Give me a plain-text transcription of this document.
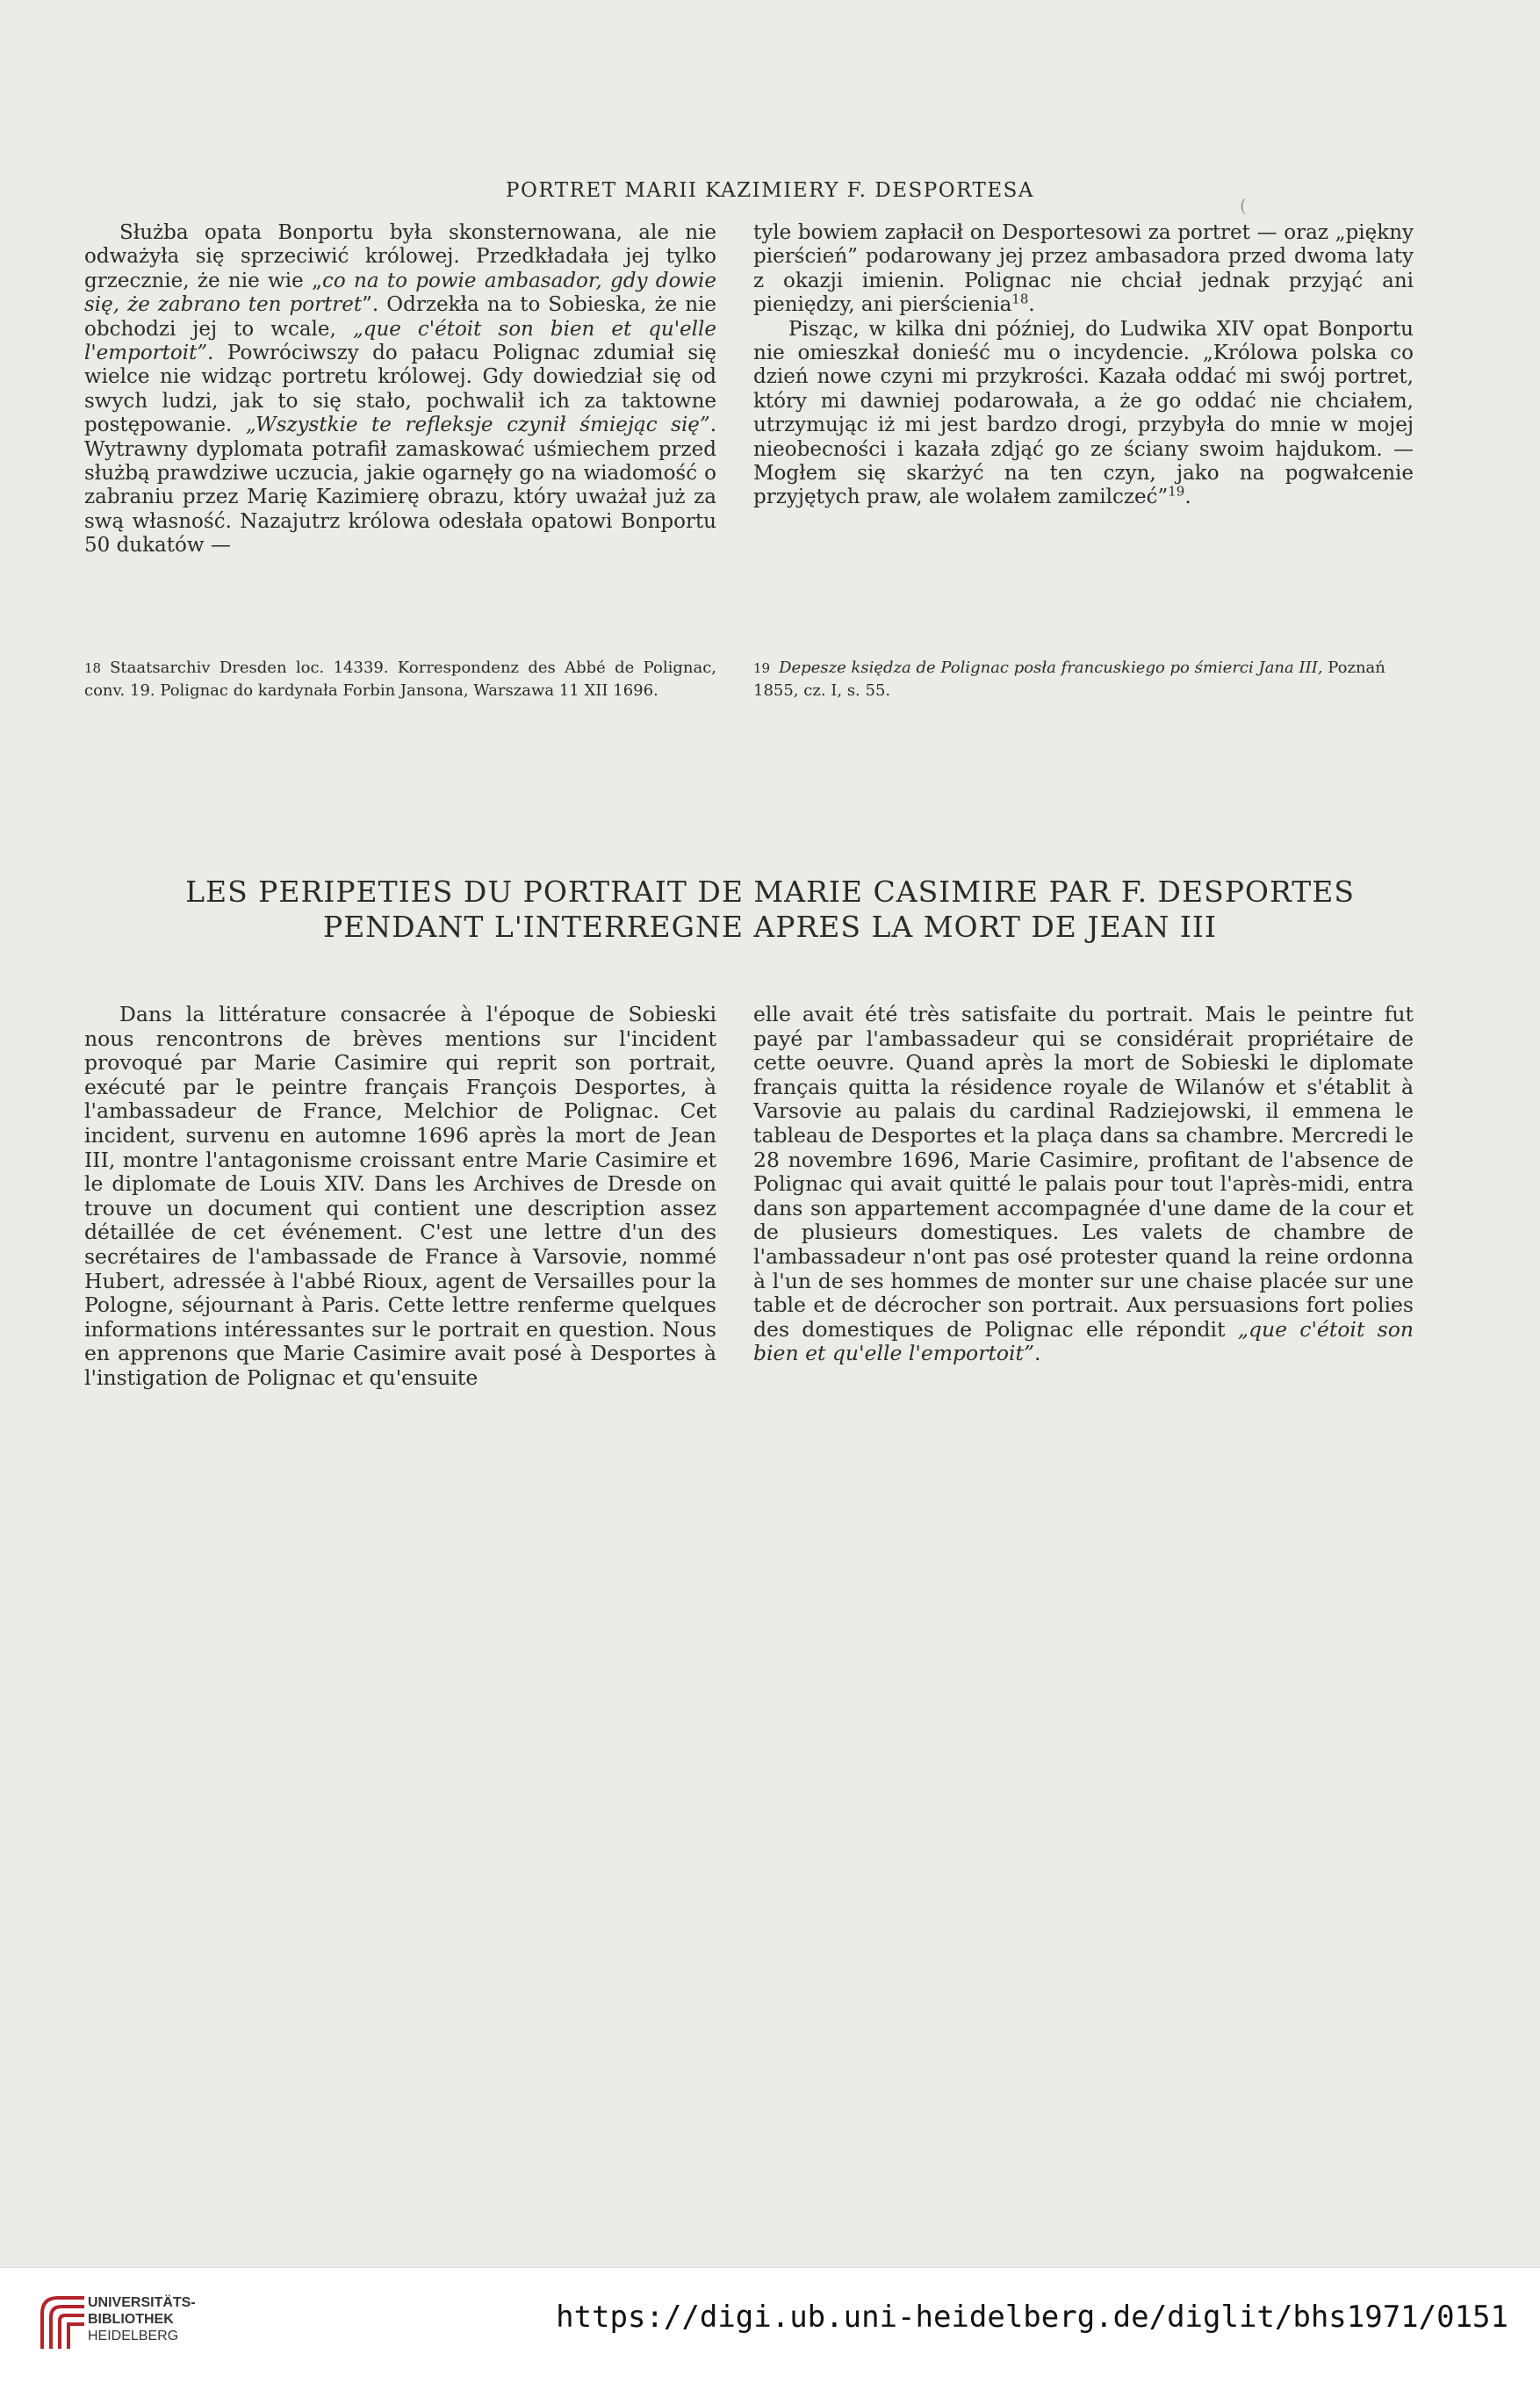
PORTRET MARII KAZIMIERY F. DESPORTESA
(

Służba opata Bonportu była skonsternowana, ale nie odważyła się sprzeciwić królowej. Przedkładała jej tylko grzecznie, że nie wie „co na to powie ambasador, gdy dowie się, że zabrano ten portret”. Odrzekła na to Sobieska, że nie obchodzi jej to wcale, „que c'étoit son bien et qu'elle l'emportoit”. Powróciwszy do pałacu Polignac zdumiał się wielce nie widząc portretu królowej. Gdy dowiedział się od swych ludzi, jak to się stało, pochwalił ich za taktowne postępowanie. „Wszystkie te refleksje czynił śmiejąc się”. Wytrawny dyplomata potrafił zamaskować uśmiechem przed służbą prawdziwe uczucia, jakie ogarnęły go na wiadomość o zabraniu przez Marię Kazimierę obrazu, który uważał już za swą własność. Nazajutrz królowa odesłała opatowi Bonportu 50 dukatów —

tyle bowiem zapłacił on Desportesowi za portret — oraz „piękny pierścień” podarowany jej przez ambasadora przed dwoma laty z okazji imienin. Polignac nie chciał jednak przyjąć ani pieniędzy, ani pierścienia$^{18}$.

Pisząc, w kilka dni później, do Ludwika XIV opat Bonportu nie omieszkał donieść mu o incydencie. „Królowa polska co dzień nowe czyni mi przykrości. Kazała oddać mi swój portret, który mi dawniej podarowała, a że go oddać nie chciałem, utrzymując iż mi jest bardzo drogi, przybyła do mnie w mojej nieobecności i kazała zdjąć go ze ściany swoim hajdukom. — Mogłem się skarżyć na ten czyn, jako na pogwałcenie przyjętych praw, ale wolałem zamilczeć”$^{19}$.

18 Staatsarchiv Dresden loc. 14339. Korrespondenz des Abbé de Polignac, conv. 19. Polignac do kardynała Forbin Jansona, Warszawa 11 XII 1696.
19 Depesze księdza de Polignac posła francuskiego po śmierci Jana III, Poznań 1855, cz. I, s. 55.
LES PERIPETIES DU PORTRAIT DE MARIE CASIMIRE PAR F. DESPORTES
PENDANT L'INTERREGNE APRES LA MORT DE JEAN III

Dans la littérature consacrée à l'époque de Sobieski nous rencontrons de brèves mentions sur l'incident provoqué par Marie Casimire qui reprit son portrait, exécuté par le peintre français François Desportes, à l'ambassadeur de France, Melchior de Polignac. Cet incident, survenu en automne 1696 après la mort de Jean III, montre l'antagonisme croissant entre Marie Casimire et le diplomate de Louis XIV. Dans les Archives de Dresde on trouve un document qui contient une description assez détaillée de cet événement. C'est une lettre d'un des secrétaires de l'ambassade de France à Varsovie, nommé Hubert, adressée à l'abbé Rioux, agent de Versailles pour la Pologne, séjournant à Paris. Cette lettre renferme quelques informations intéressantes sur le portrait en question. Nous en apprenons que Marie Casimire avait posé à Desportes à l'instigation de Polignac et qu'ensuite

elle avait été très satisfaite du portrait. Mais le peintre fut payé par l'ambassadeur qui se considérait propriétaire de cette oeuvre. Quand après la mort de Sobieski le diplomate français quitta la résidence royale de Wilanów et s'établit à Varsovie au palais du cardinal Radziejowski, il emmena le tableau de Desportes et la plaça dans sa chambre. Mercredi le 28 novembre 1696, Marie Casimire, profitant de l'absence de Polignac qui avait quitté le palais pour tout l'après-midi, entra dans son appartement accompagnée d'une dame de la cour et de plusieurs domestiques. Les valets de chambre de l'ambassadeur n'ont pas osé protester quand la reine ordonna à l'un de ses hommes de monter sur une chaise placée sur une table et de décrocher son portrait. Aux persuasions fort polies des domestiques de Polignac elle répondit „que c'étoit son bien et qu'elle l'emportoit”.

UNIVERSITÄTS-
BIBLIOTHEK
HEIDELBERG
https://digi.ub.uni-heidelberg.de/diglit/bhs1971/0151
